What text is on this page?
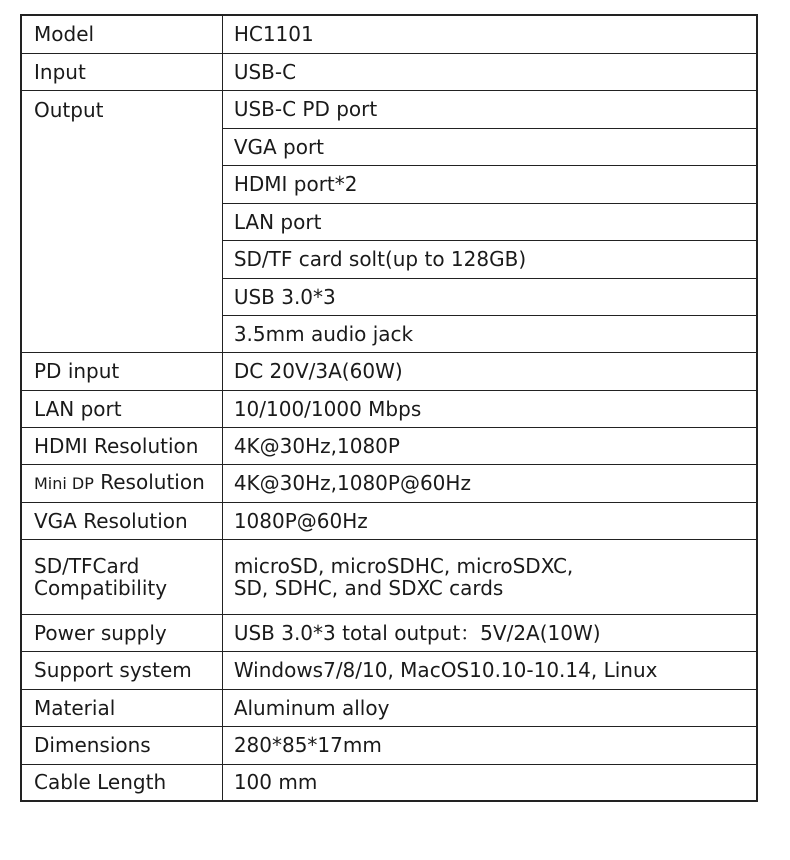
Model	HC1101
Input	USB-C
Output	USB-C PD port
	VGA port
	HDMI port*2
	LAN port
	SD/TF card solt(up to 128GB)
	USB 3.0*3
	3.5mm audio jack
PD input	DC 20V/3A(60W)
LAN port	10/100/1000 Mbps
HDMI Resolution	4K@30Hz,1080P
Mini DP Resolution	4K@30Hz,1080P@60Hz
VGA Resolution	1080P@60Hz

SD/TFCard
Compatibility	microSD, microSDHC, microSDXC,
SD, SDHC, and SDXC cards

Power supply	USB 3.0*3 total output：5V/2A(10W)
Support system	Windows7/8/10, MacOS10.10-10.14, Linux
Material	Aluminum alloy
Dimensions	280*85*17mm
Cable Length	100 mm
